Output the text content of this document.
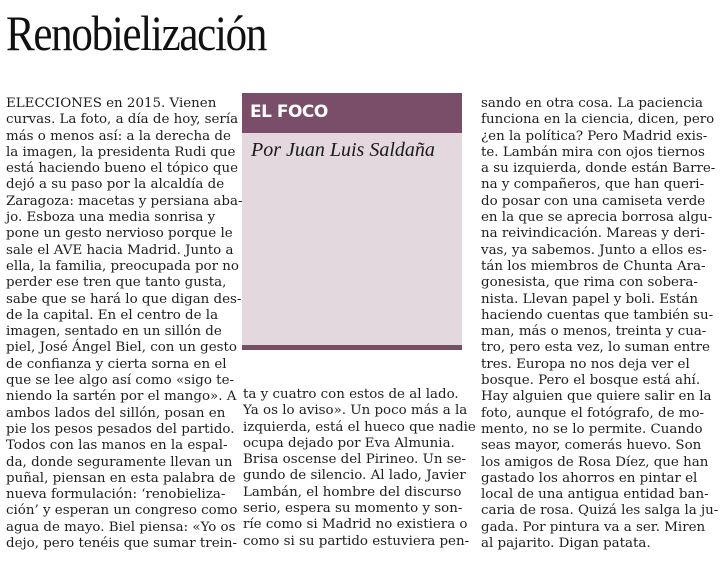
Renobielización
ELECCIONES en 2015. Vienen
curvas. La foto, a día de hoy, sería
más o menos así: a la derecha de
la imagen, la presidenta Rudi que
está haciendo bueno el tópico que
dejó a su paso por la alcaldía de
Zaragoza: macetas y persiana aba-
jo. Esboza una media sonrisa y
pone un gesto nervioso porque le
sale el AVE hacia Madrid. Junto a
ella, la familia, preocupada por no
perder ese tren que tanto gusta,
sabe que se hará lo que digan des-
de la capital. En el centro de la
imagen, sentado en un sillón de
piel, José Ángel Biel, con un gesto
de confianza y cierta sorna en el
que se lee algo así como «sigo te-
niendo la sartén por el mango». A
ambos lados del sillón, posan en
pie los pesos pesados del partido.
Todos con las manos en la espal-
da, donde seguramente llevan un
puñal, piensan en esta palabra de
nueva formulación: ‘renobieliza-
ción’ y esperan un congreso como
agua de mayo. Biel piensa: «Yo os
dejo, pero tenéis que sumar trein-
EL FOCO
Por Juan Luis Saldaña
ta y cuatro con estos de al lado.
Ya os lo aviso». Un poco más a la
izquierda, está el hueco que nadie
ocupa dejado por Eva Almunia.
Brisa oscense del Pirineo. Un se-
gundo de silencio. Al lado, Javier
Lambán, el hombre del discurso
serio, espera su momento y son-
ríe como si Madrid no existiera o
como si su partido estuviera pen-
sando en otra cosa. La paciencia
funciona en la ciencia, dicen, pero
¿en la política? Pero Madrid exis-
te. Lambán mira con ojos tiernos
a su izquierda, donde están Barre-
na y compañeros, que han queri-
do posar con una camiseta verde
en la que se aprecia borrosa algu-
na reivindicación. Mareas y deri-
vas, ya sabemos. Junto a ellos es-
tán los miembros de Chunta Ara-
gonesista, que rima con sobera-
nista. Llevan papel y boli. Están
haciendo cuentas que también su-
man, más o menos, treinta y cua-
tro, pero esta vez, lo suman entre
tres. Europa no nos deja ver el
bosque. Pero el bosque está ahí.
Hay alguien que quiere salir en la
foto, aunque el fotógrafo, de mo-
mento, no se lo permite. Cuando
seas mayor, comerás huevo. Son
los amigos de Rosa Díez, que han
gastado los ahorros en pintar el
local de una antigua entidad ban-
caria de rosa. Quizá les salga la ju-
gada. Por pintura va a ser. Miren
al pajarito. Digan patata.
